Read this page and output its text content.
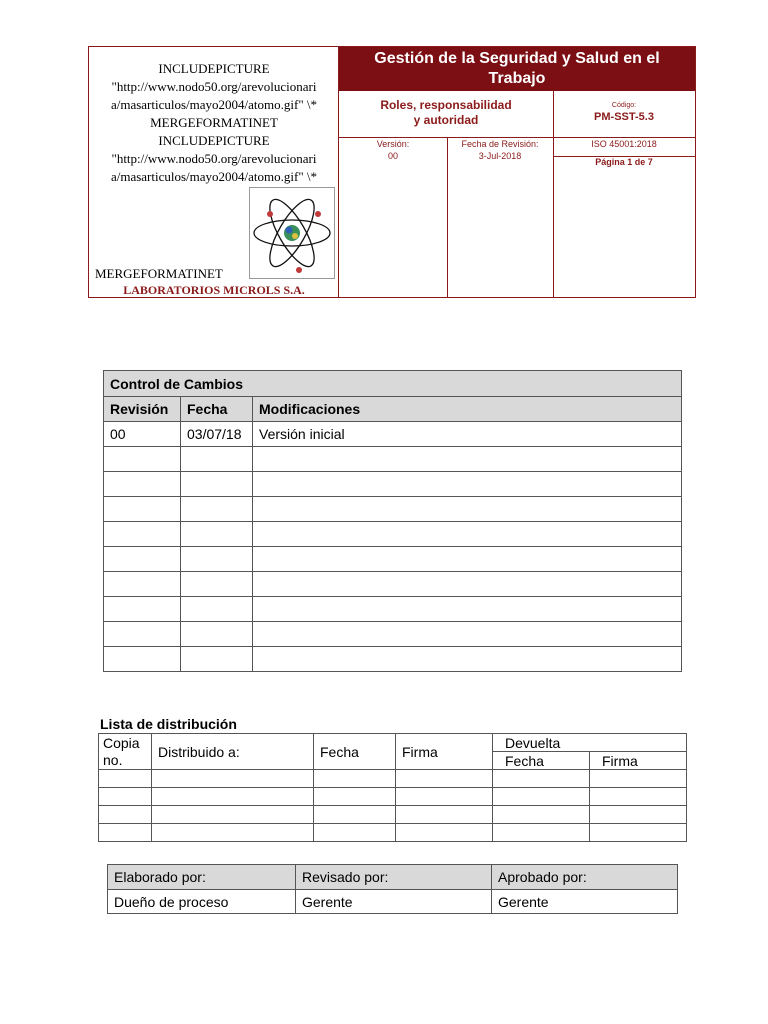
INCLUDEPICTURE
"http://www.nodo50.org/arevolucionari
a/masarticulos/mayo2004/atomo.gif" \*
MERGEFORMATINET
INCLUDEPICTURE
"http://www.nodo50.org/arevolucionari
a/masarticulos/mayo2004/atomo.gif" \*
MERGEFORMATINET
LABORATORIOS MICROLS S.A.
Gestión de la Seguridad y Salud en el Trabajo
Roles, responsabilidad y autoridad
Código:
PM-SST-5.3
Versión:
00
Fecha de Revisión:
3-Jul-2018
ISO 45001:2018
Página 1 de 7
Control de Cambios		
Revisión	Fecha	Modificaciones
00	03/07/18	Versión inicial

Lista de distribución
Copia no.	Distribuido a:	Fecha	Firma	Devuelta	
				Fecha	Firma

Elaborado por:	Revisado por:	Aprobado por:
Dueño de proceso	Gerente	Gerente
